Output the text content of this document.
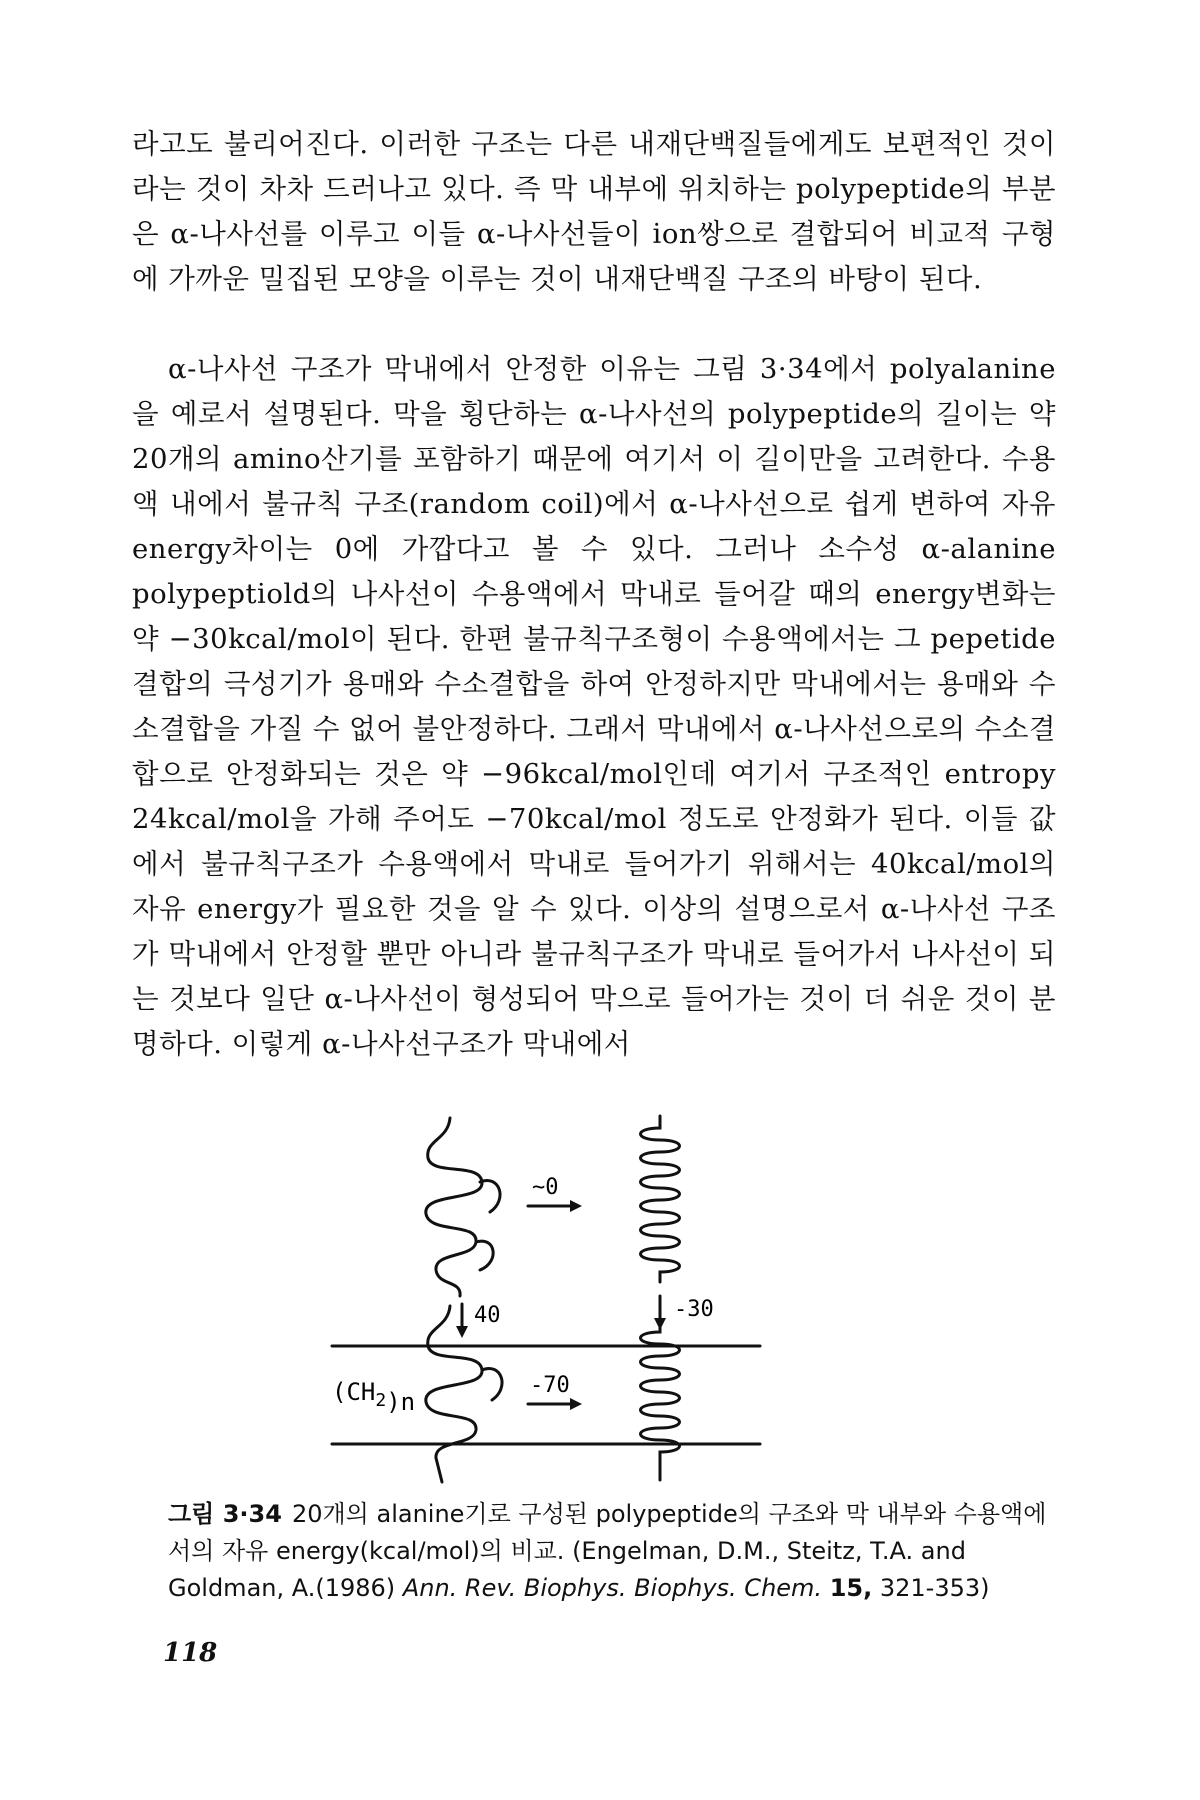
라고도 불리어진다. 이러한 구조는 다른 내재단백질들에게도 보편적인 것이라는 것이 차차 드러나고 있다. 즉 막 내부에 위치하는 polypeptide의 부분은 α-나사선를 이루고 이들 α-나사선들이 ion쌍으로 결합되어 비교적 구형에 가까운 밀집된 모양을 이루는 것이 내재단백질 구조의 바탕이 된다.

α-나사선 구조가 막내에서 안정한 이유는 그림 3·34에서 polyalanine을 예로서 설명된다. 막을 횡단하는 α-나사선의 polypeptide의 길이는 약 20개의 amino산기를 포함하기 때문에 여기서 이 길이만을 고려한다. 수용액 내에서 불규칙 구조(random coil)에서 α-나사선으로 쉽게 변하여 자유 energy차이는 0에 가깝다고 볼 수 있다. 그러나 소수성 α-alanine polypeptiold의 나사선이 수용액에서 막내로 들어갈 때의 energy변화는 약 −30kcal/mol이 된다. 한편 불규칙구조형이 수용액에서는 그 pepetide결합의 극성기가 용매와 수소결합을 하여 안정하지만 막내에서는 용매와 수소결합을 가질 수 없어 불안정하다. 그래서 막내에서 α-나사선으로의 수소결합으로 안정화되는 것은 약 −96kcal/mol인데 여기서 구조적인 entropy 24kcal/mol을 가해 주어도 −70kcal/mol 정도로 안정화가 된다. 이들 값에서 불규칙구조가 수용액에서 막내로 들어가기 위해서는 40kcal/mol의 자유 energy가 필요한 것을 알 수 있다. 이상의 설명으로서 α-나사선 구조가 막내에서 안정할 뿐만 아니라 불규칙구조가 막내로 들어가서 나사선이 되는 것보다 일단 α-나사선이 형성되어 막으로 들어가는 것이 더 쉬운 것이 분명하다. 이렇게 α-나사선구조가 막내에서

~0
40	-30
-70
$(CH_2)n$
그림 3·34 20개의 alanine기로 구성된 polypeptide의 구조와 막 내부와 수용액에서의 자유 energy(kcal/mol)의 비교. (Engelman, D.M., Steitz, T.A. and Goldman, A.(1986) Ann. Rev. Biophys. Biophys. Chem. 15, 321-353)
118
